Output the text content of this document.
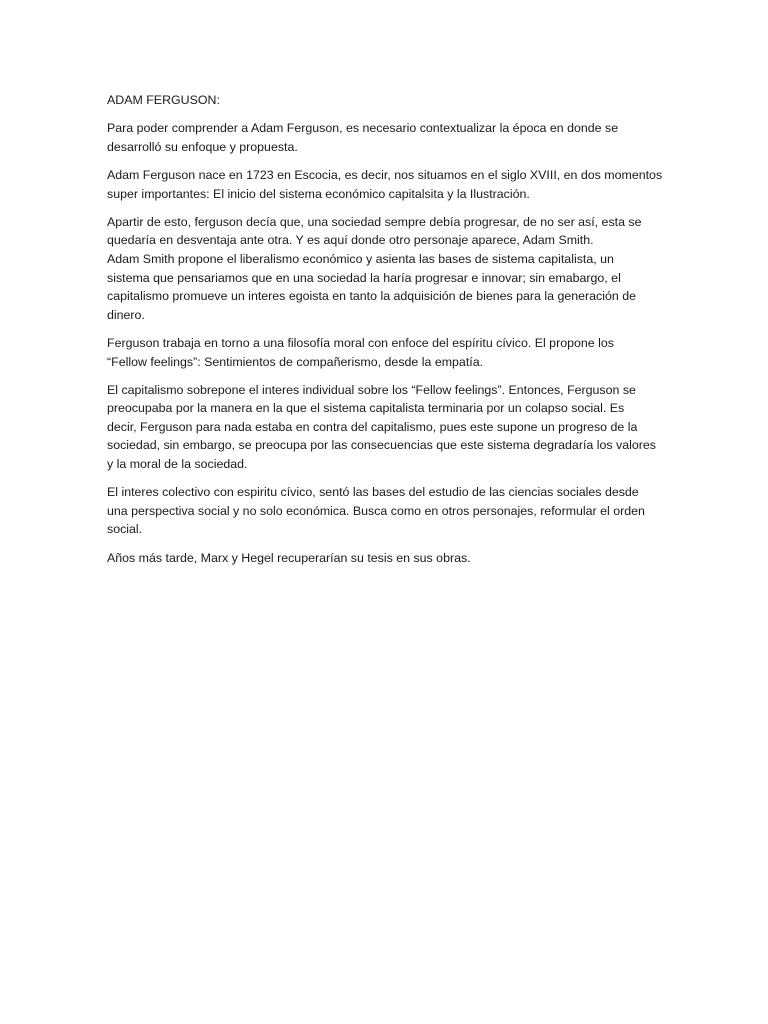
ADAM FERGUSON:

Para poder comprender a Adam Ferguson, es necesario contextualizar la época en donde se
desarrolló su enfoque y propuesta.

Adam Ferguson nace en 1723 en Escocia, es decir, nos situamos en el siglo XVIII, en dos momentos
super importantes: El inicio del sistema económico capitalsita y la Ilustración.

Apartir de esto, ferguson decía que, una sociedad sempre debía progresar, de no ser así, esta se
quedaría en desventaja ante otra. Y es aquí donde otro personaje aparece, Adam Smith.
Adam Smith propone el liberalismo económico y asienta las bases de sistema capitalista, un
sistema que pensariamos que en una sociedad la haría progresar e innovar; sin emabargo, el
capitalismo promueve un interes egoista en tanto la adquisición de bienes para la generación de
dinero.

Ferguson trabaja en torno a una filosofía moral con enfoce del espíritu cívico. El propone los
“Fellow feelings”: Sentimientos de compañerismo, desde la empatía.

El capitalismo sobrepone el interes individual sobre los “Fellow feelings”. Entonces, Ferguson se
preocupaba por la manera en la que el sistema capitalista terminaria por un colapso social. Es
decir, Ferguson para nada estaba en contra del capitalismo, pues este supone un progreso de la
sociedad, sin embargo, se preocupa por las consecuencias que este sistema degradaría los valores
y la moral de la sociedad.

El interes colectivo con espiritu cívico, sentó las bases del estudio de las ciencias sociales desde
una perspectiva social y no solo económica. Busca como en otros personajes, reformular el orden
social.

Años más tarde, Marx y Hegel recuperarían su tesis en sus obras.
